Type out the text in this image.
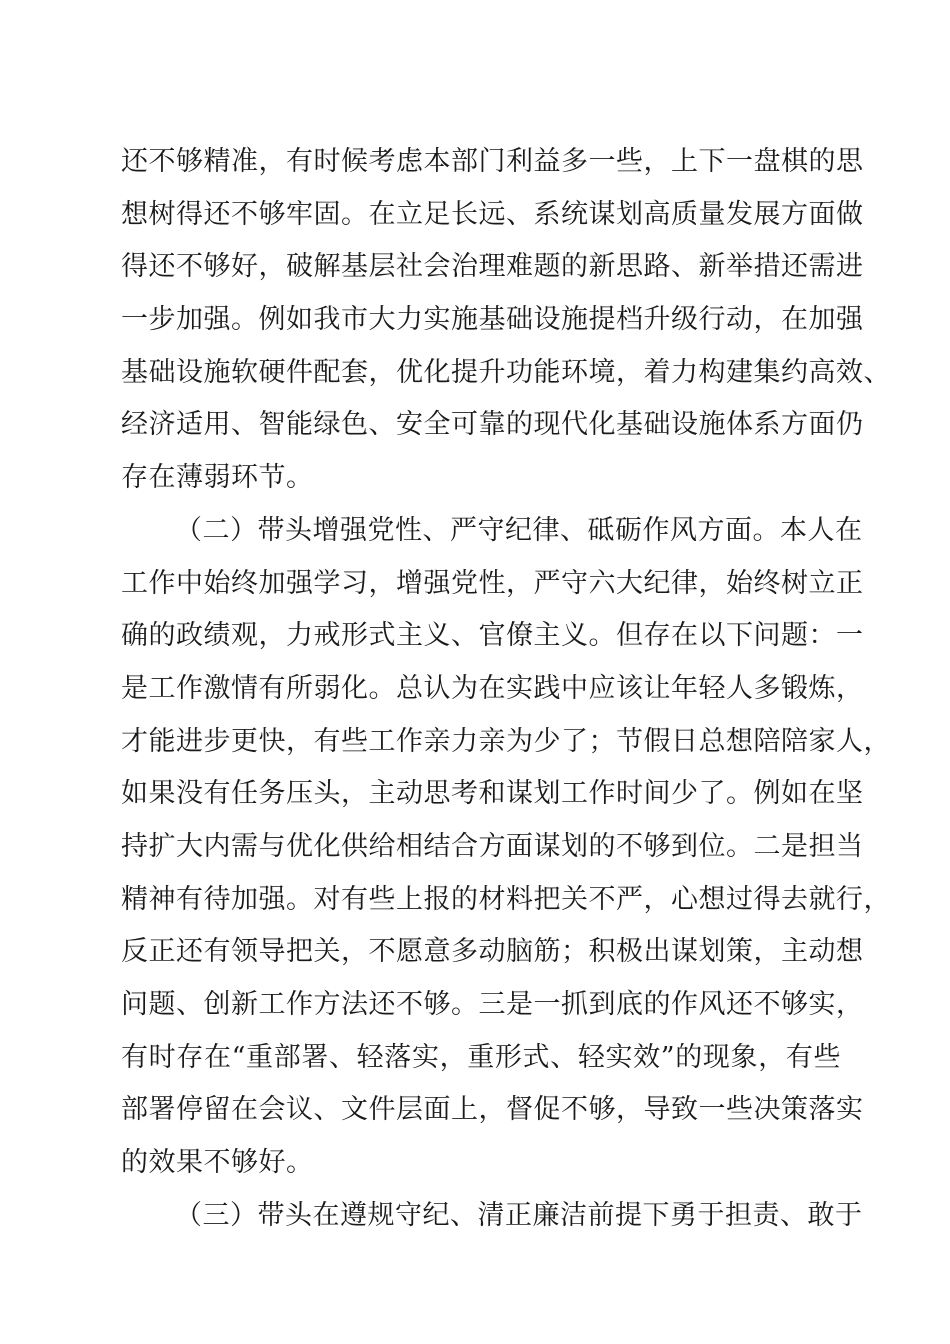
还不够精准，有时候考虑本部门利益多一些，上下一盘棋的思
想树得还不够牢固。在立足长远、系统谋划高质量发展方面做
得还不够好，破解基层社会治理难题的新思路、新举措还需进
一步加强。例如我市大力实施基础设施提档升级行动，在加强
基础设施软硬件配套，优化提升功能环境，着力构建集约高效、
经济适用、智能绿色、安全可靠的现代化基础设施体系方面仍
存在薄弱环节。
（二）带头增强党性、严守纪律、砥砺作风方面。本人在
工作中始终加强学习，增强党性，严守六大纪律，始终树立正
确的政绩观，力戒形式主义、官僚主义。但存在以下问题：一
是工作激情有所弱化。总认为在实践中应该让年轻人多锻炼，
才能进步更快，有些工作亲力亲为少了；节假日总想陪陪家人，
如果没有任务压头，主动思考和谋划工作时间少了。例如在坚
持扩大内需与优化供给相结合方面谋划的不够到位。二是担当
精神有待加强。对有些上报的材料把关不严，心想过得去就行，
反正还有领导把关，不愿意多动脑筋；积极出谋划策，主动想
问题、创新工作方法还不够。三是一抓到底的作风还不够实，
有时存在“重部署、轻落实，重形式、轻实效”的现象，有些
部署停留在会议、文件层面上，督促不够，导致一些决策落实
的效果不够好。
（三）带头在遵规守纪、清正廉洁前提下勇于担责、敢于
